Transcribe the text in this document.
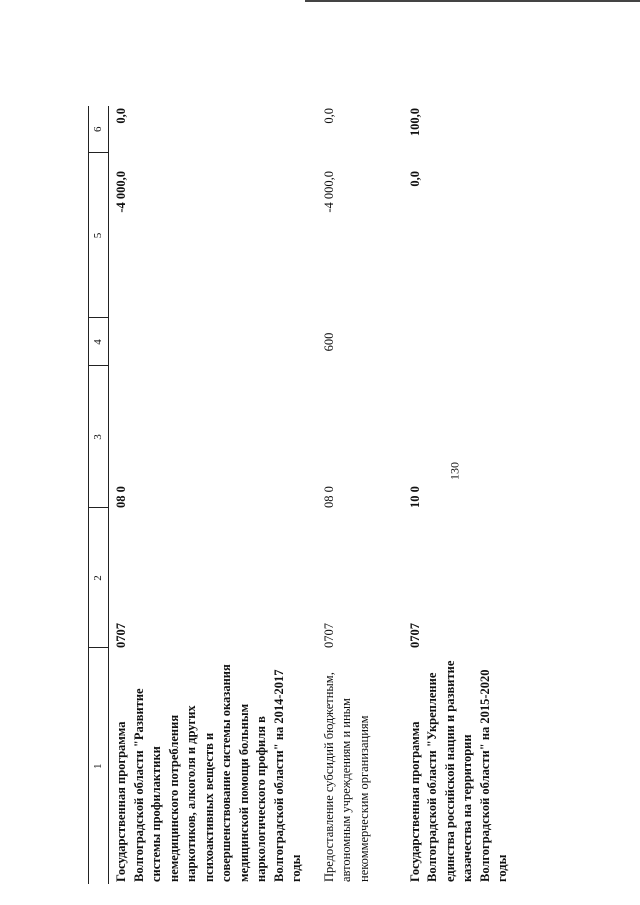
130
1	2	3	4	5	6
Государственная программа Волгоградской области "Развитие системы профилактики немедицинского потребления наркотиков, алкоголя и других психоактивных веществ и совершенствование системы оказания медицинской помощи больным наркологического профиля в Волгоградской области" на 2014-2017 годы	0707	08 0		-4 000,0	0,0
Предоставление субсидий бюджетным, автономным учреждениям и иным некоммерческим организациям	0707	08 0	600	-4 000,0	0,0
Государственная программа Волгоградской области "Укрепление единства российской нации и развитие казачества на территории Волгоградской области" на 2015-2020 годы	0707	10 0		0,0	100,0
